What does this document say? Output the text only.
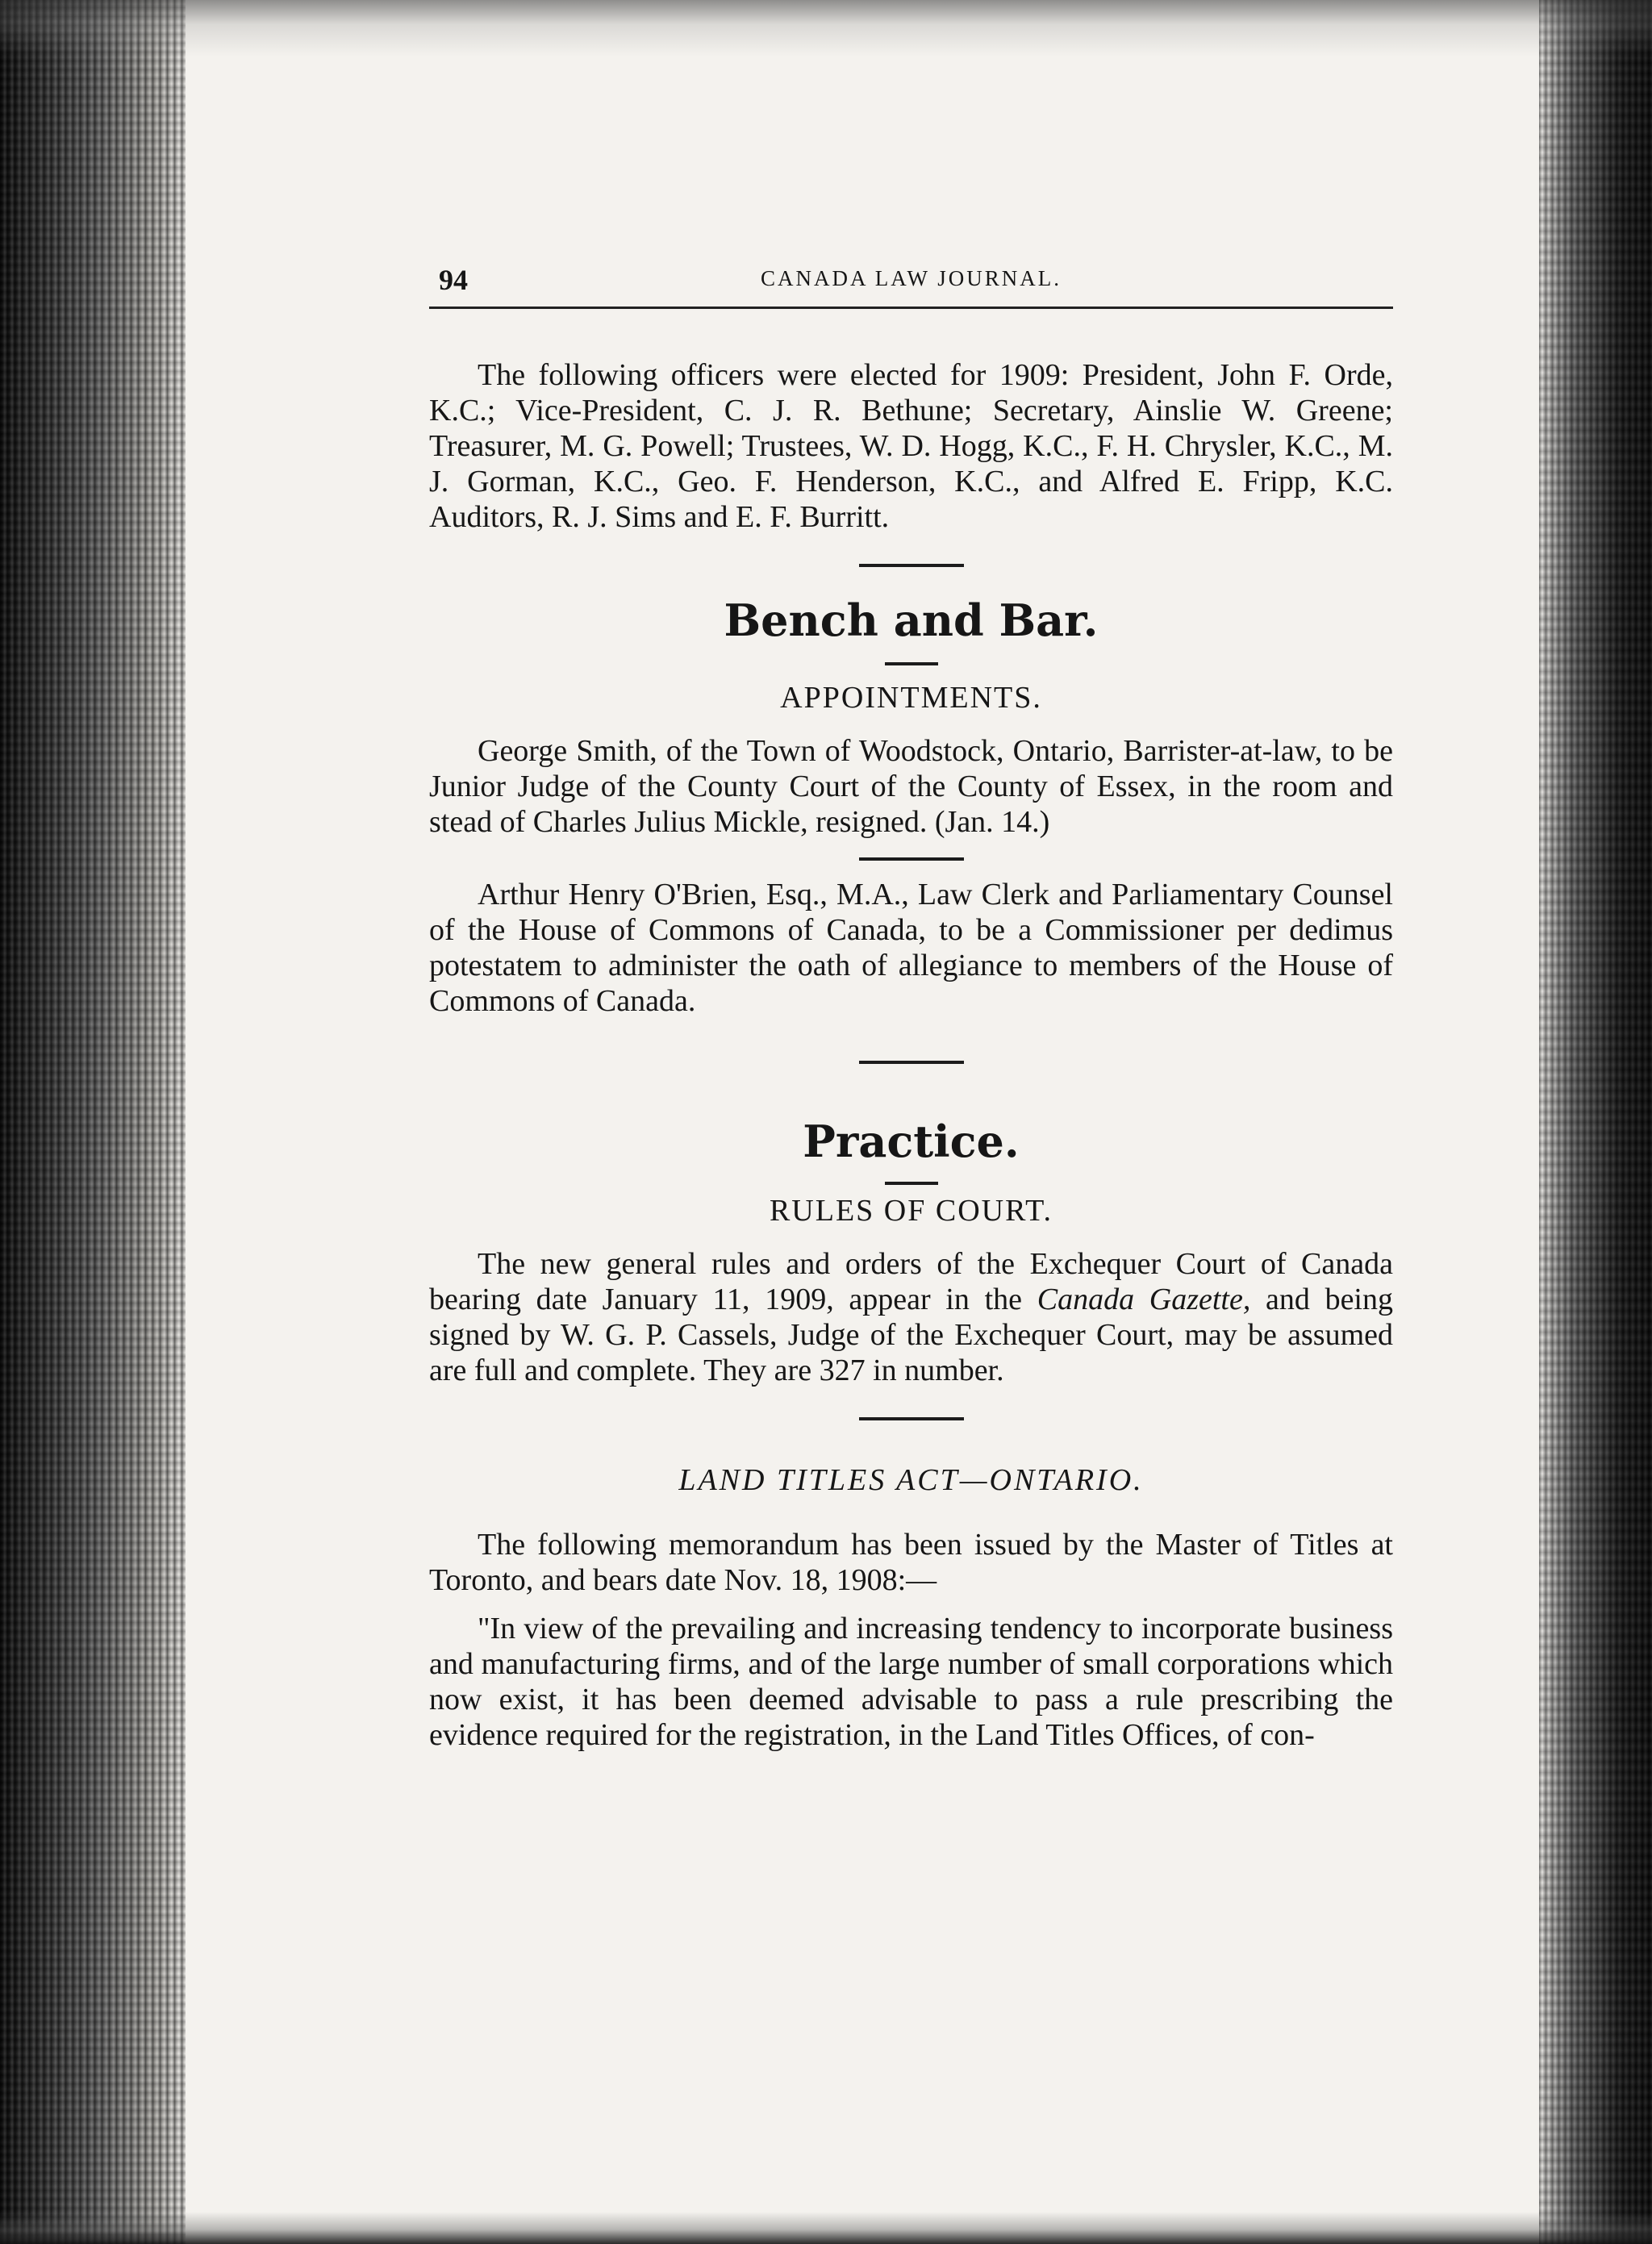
94	CANADA LAW JOURNAL.

The following officers were elected for 1909: President, John F. Orde, K.C.; Vice-President, C. J. R. Bethune; Secretary, Ainslie W. Greene; Treasurer, M. G. Powell; Trustees, W. D. Hogg, K.C., F. H. Chrysler, K.C., M. J. Gorman, K.C., Geo. F. Henderson, K.C., and Alfred E. Fripp, K.C. Auditors, R. J. Sims and E. F. Burritt.

Bench and Bar.
APPOINTMENTS.

George Smith, of the Town of Woodstock, Ontario, Barrister-at-law, to be Junior Judge of the County Court of the County of Essex, in the room and stead of Charles Julius Mickle, resigned. (Jan. 14.)

Arthur Henry O'Brien, Esq., M.A., Law Clerk and Parliamentary Counsel of the House of Commons of Canada, to be a Commissioner per dedimus potestatem to administer the oath of allegiance to members of the House of Commons of Canada.

Practice.
RULES OF COURT.

The new general rules and orders of the Exchequer Court of Canada bearing date January 11, 1909, appear in the Canada Gazette, and being signed by W. G. P. Cassels, Judge of the Exchequer Court, may be assumed are full and complete. They are 327 in number.

LAND TITLES ACT—ONTARIO.

The following memorandum has been issued by the Master of Titles at Toronto, and bears date Nov. 18, 1908:—

"In view of the prevailing and increasing tendency to incorporate business and manufacturing firms, and of the large number of small corporations which now exist, it has been deemed advisable to pass a rule prescribing the evidence required for the registration, in the Land Titles Offices, of con-
